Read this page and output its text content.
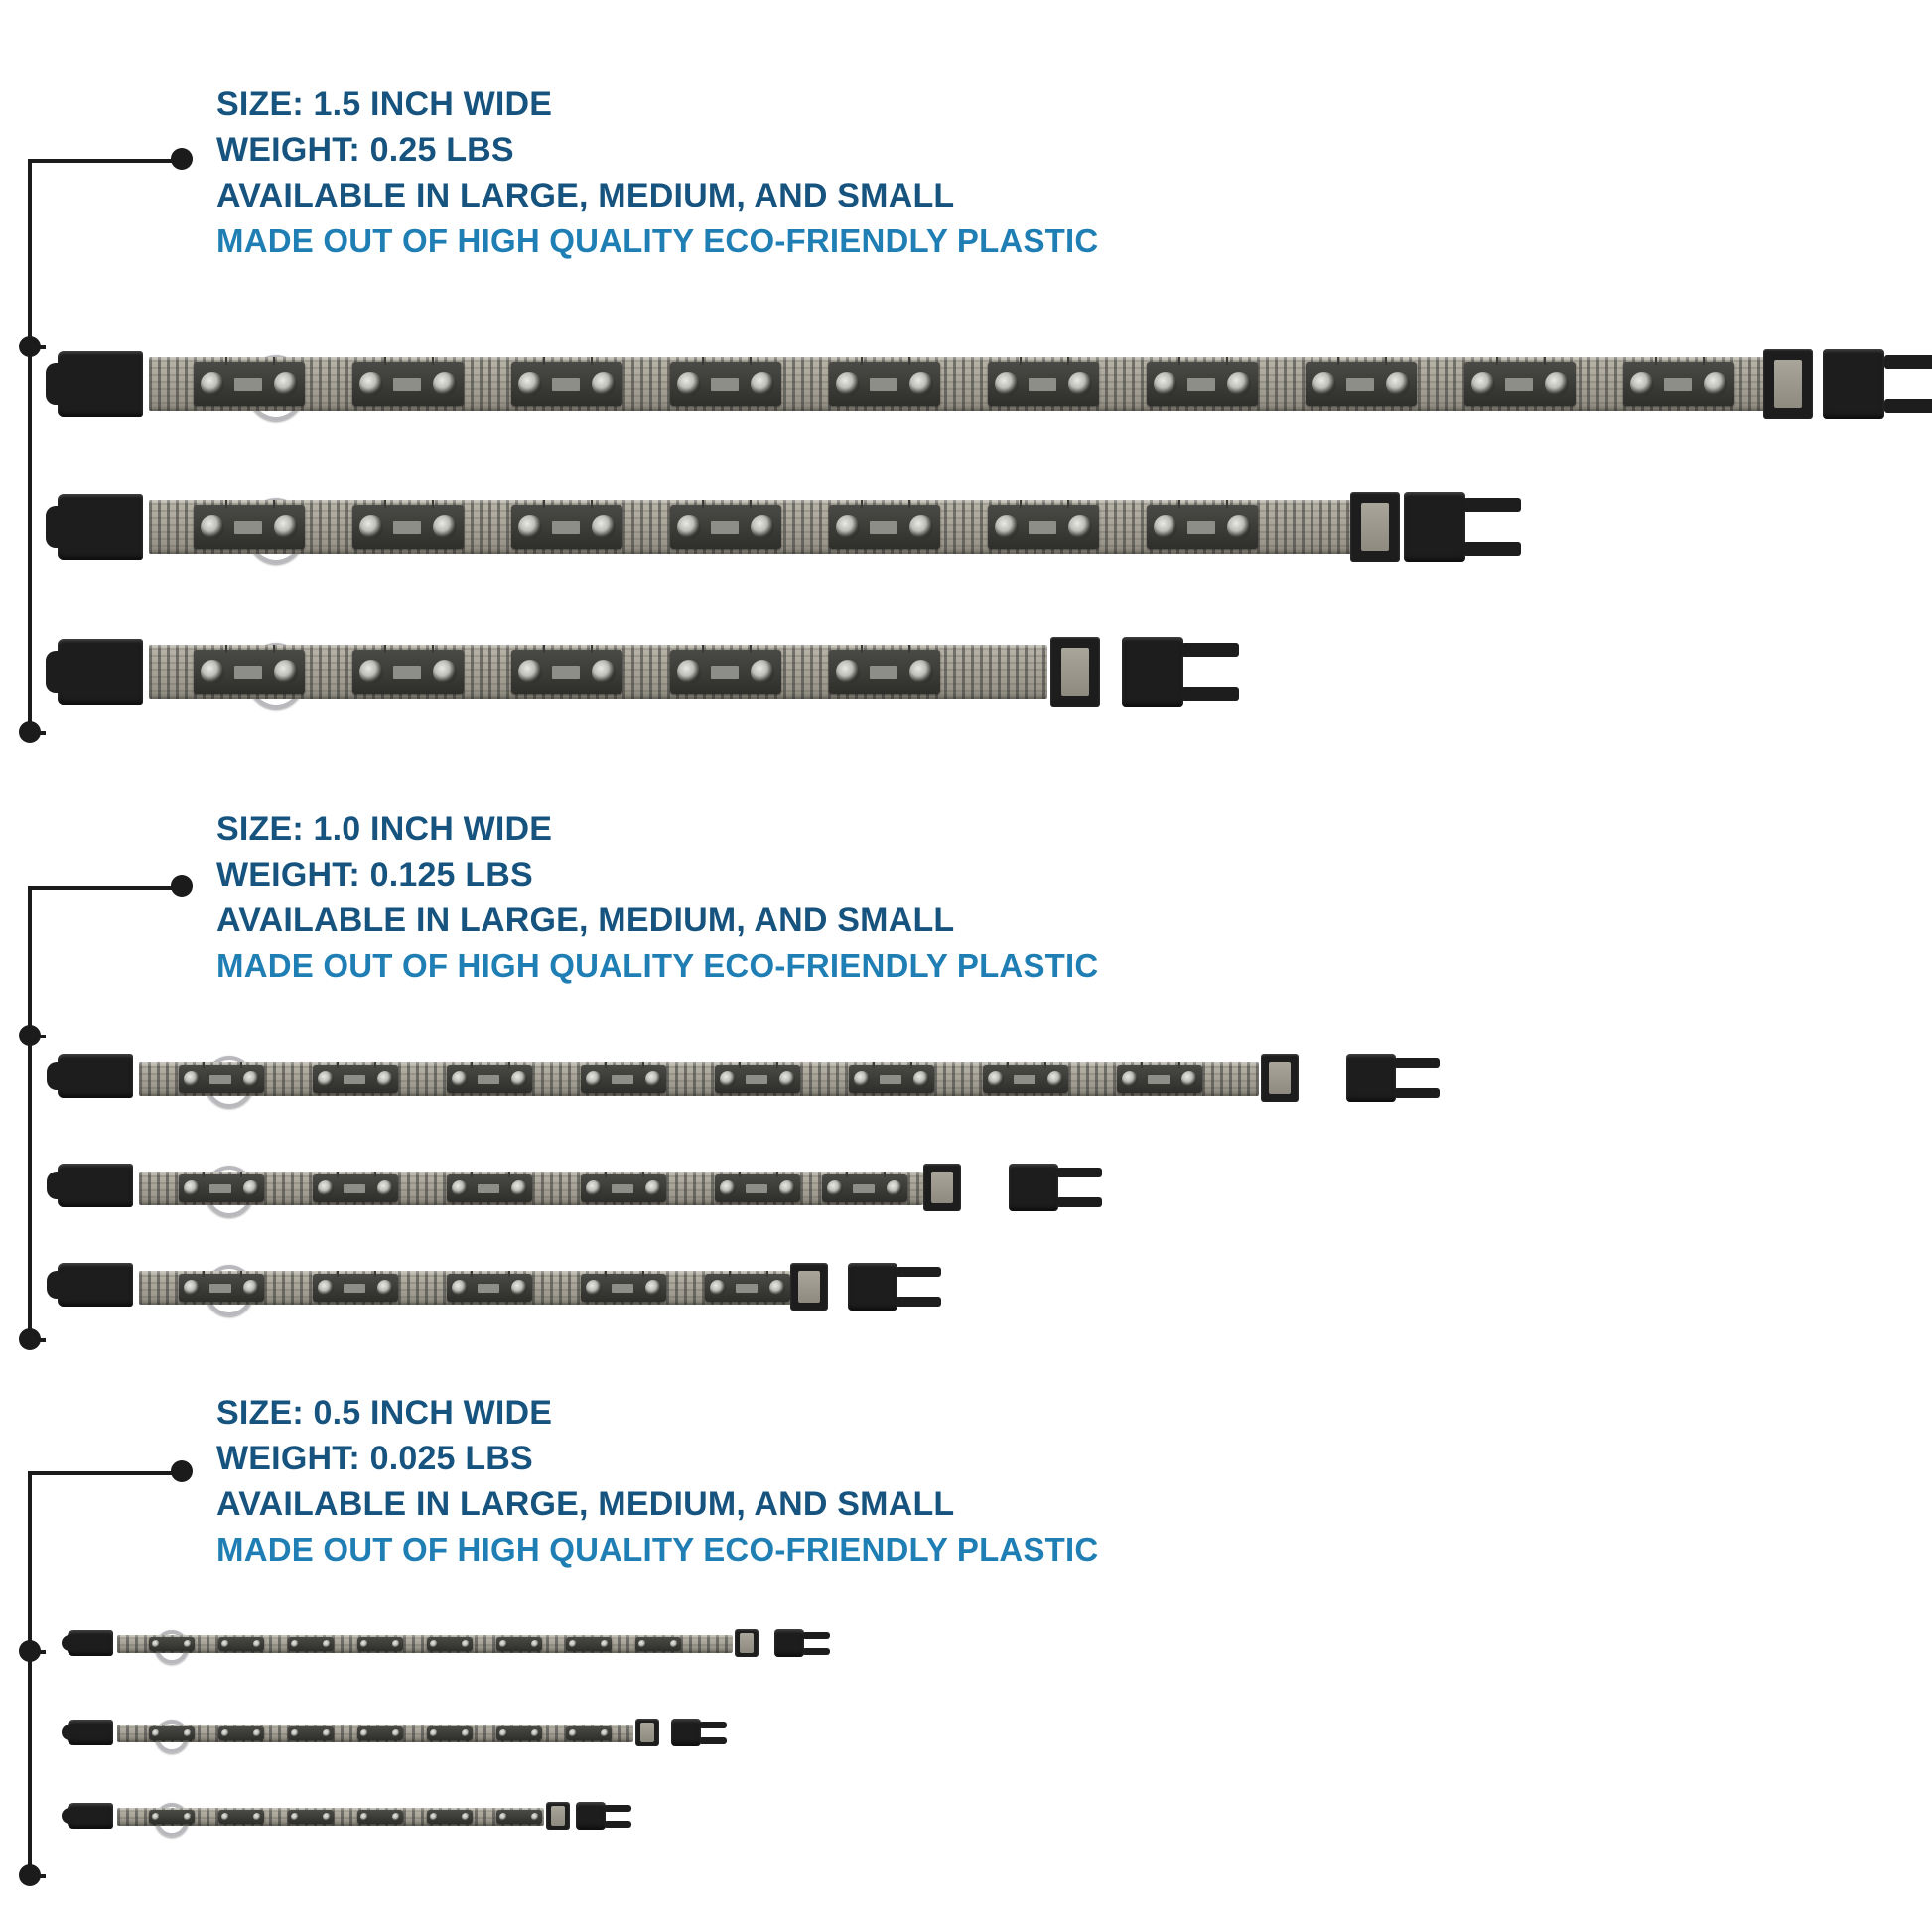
SIZE: 1.5 INCH WIDE
WEIGHT: 0.25 LBS
AVAILABLE IN LARGE, MEDIUM, AND SMALL
MADE OUT OF HIGH QUALITY ECO-FRIENDLY PLASTIC
SIZE: 1.0 INCH WIDE
WEIGHT: 0.125 LBS
AVAILABLE IN LARGE, MEDIUM, AND SMALL
MADE OUT OF HIGH QUALITY ECO-FRIENDLY PLASTIC
SIZE: 0.5 INCH WIDE
WEIGHT: 0.025 LBS
AVAILABLE IN LARGE, MEDIUM, AND SMALL
MADE OUT OF HIGH QUALITY ECO-FRIENDLY PLASTIC
